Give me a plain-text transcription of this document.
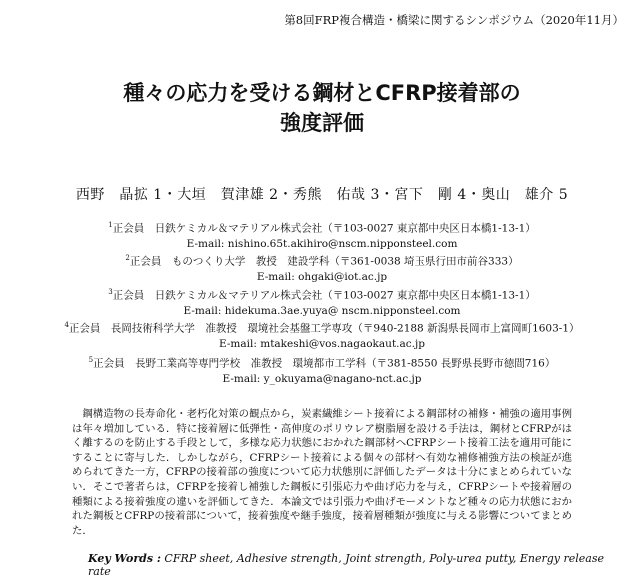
第8回FRP複合構造・橋梁に関するシンポジウム（2020年11月）
種々の応力を受ける鋼材とCFRP接着部の
強度評価
西野　晶拡 1・大垣　賀津雄 2・秀熊　佑哉 3・宮下　剛 4・奥山　雄介 5
$^1$正会員　日鉄ケミカル＆マテリアル株式会社（〒103-0027 東京都中央区日本橋1-13-1）
E-mail: nishino.65t.akihiro@nscm.nipponsteel.com
$^2$正会員　ものつくり大学　教授　建設学科（〒361-0038 埼玉県行田市前谷333）
E-mail: ohgaki@iot.ac.jp
$^3$正会員　日鉄ケミカル＆マテリアル株式会社（〒103-0027 東京都中央区日本橋1-13-1）
E-mail: hidekuma.3ae.yuya@ nscm.nipponsteel.com
$^4$正会員　長岡技術科学大学　准教授　環境社会基盤工学専攻（〒940-2188 新潟県長岡市上富岡町1603-1）
E-mail: mtakeshi@vos.nagaokaut.ac.jp
$^5$正会員　長野工業高等専門学校　准教授　環境都市工学科（〒381-8550 長野県長野市徳間716）
E-mail: y_okuyama@nagano-nct.ac.jp
鋼構造物の長寿命化・老朽化対策の観点から，炭素繊維シート接着による鋼部材の補修・補強の適用事例は年々増加している．特に接着層に低弾性・高伸度のポリウレア樹脂層を設ける手法は，鋼材とCFRPがはく離するのを防止する手段として，多様な応力状態におかれた鋼部材へCFRPシート接着工法を適用可能にすることに寄与した．しかしながら，CFRPシート接着による個々の部材へ有効な補修補強方法の検証が進められてきた一方，CFRPの接着部の強度について応力状態別に評価したデータは十分にまとめられていない．そこで著者らは，CFRPを接着し補強した鋼板に引張応力や曲げ応力を与え，CFRPシートや接着層の種類による接着強度の違いを評価してきた．本論文では引張力や曲げモーメントなど種々の応力状態におかれた鋼板とCFRPの接着部について，接着強度や継手強度，接着層種類が強度に与える影響についてまとめた．
Key Words : CFRP sheet, Adhesive strength, Joint strength, Poly-urea putty, Energy release rate
